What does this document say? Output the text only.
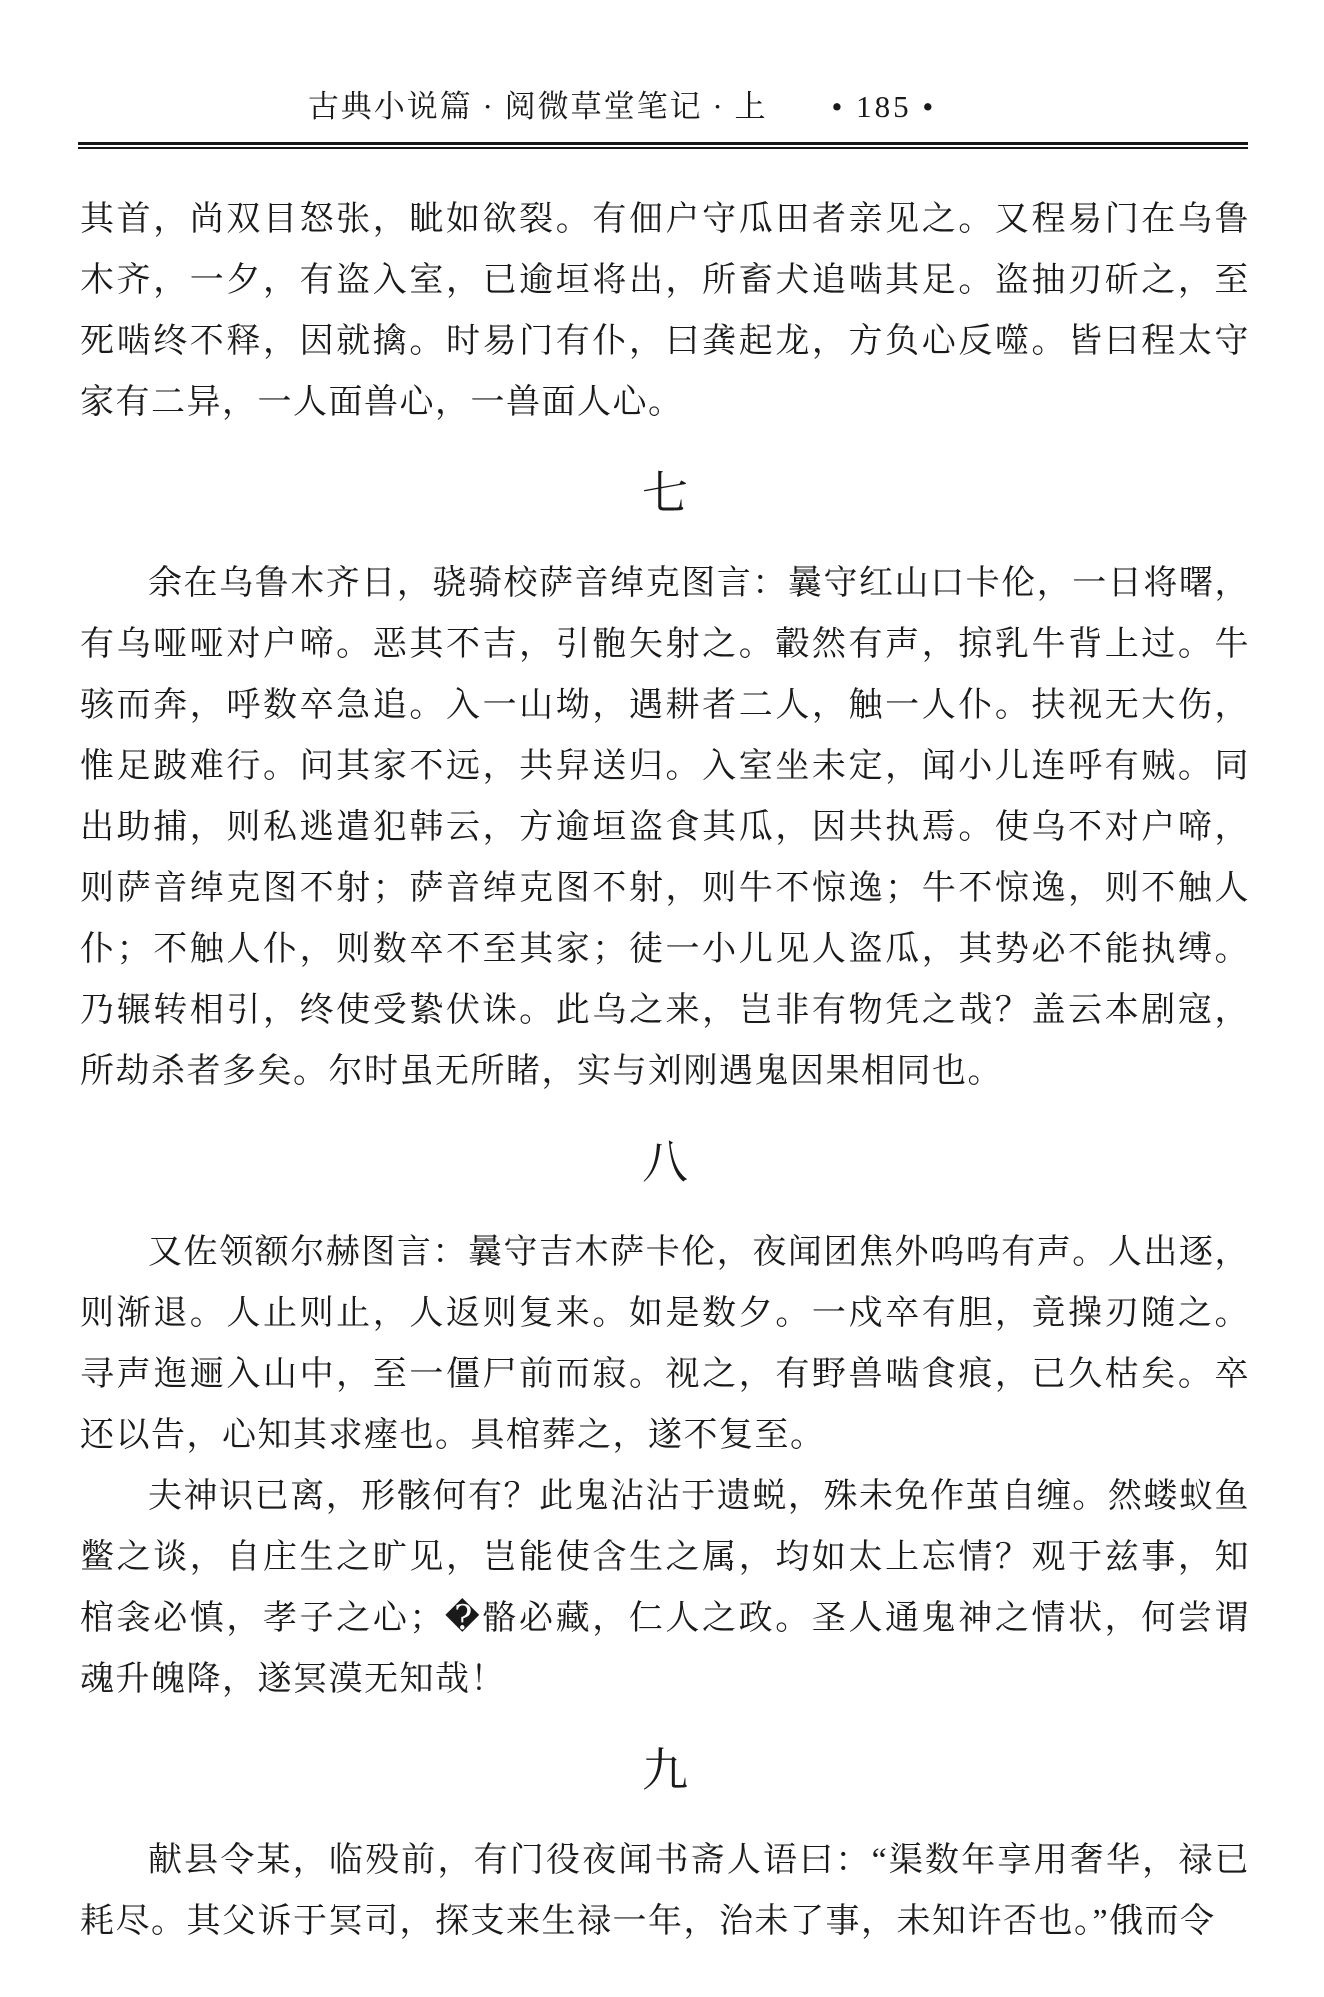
古典小说篇 · 阅微草堂笔记 · 上 • 185 •

其首，尚双目怒张，眦如欲裂。有佃户守瓜田者亲见之。又程易门在乌鲁木齐，一夕，有盗入室，已逾垣将出，所畜犬追啮其足。盗抽刃斫之，至死啮终不释，因就擒。时易门有仆，曰龚起龙，方负心反噬。皆曰程太守家有二异，一人面兽心，一兽面人心。

七

余在乌鲁木齐日，骁骑校萨音绰克图言：曩守红山口卡伦，一日将曙，有乌哑哑对户啼。恶其不吉，引骲矢射之。轂然有声，掠乳牛背上过。牛骇而奔，呼数卒急追。入一山坳，遇耕者二人，触一人仆。扶视无大伤，惟足跛难行。问其家不远，共舁送归。入室坐未定，闻小儿连呼有贼。同出助捕，则私逃遣犯韩云，方逾垣盗食其瓜，因共执焉。使乌不对户啼，则萨音绰克图不射；萨音绰克图不射，则牛不惊逸；牛不惊逸，则不触人仆；不触人仆，则数卒不至其家；徒一小儿见人盗瓜，其势必不能执缚。乃辗转相引，终使受絷伏诛。此乌之来，岂非有物凭之哉？盖云本剧寇，所劫杀者多矣。尔时虽无所睹，实与刘刚遇鬼因果相同也。

八

又佐领额尔赫图言：曩守吉木萨卡伦，夜闻团焦外呜呜有声。人出逐，则渐退。人止则止，人返则复来。如是数夕。一戍卒有胆，竟操刃随之。寻声迤逦入山中，至一僵尸前而寂。视之，有野兽啮食痕，已久枯矣。卒还以告，心知其求瘗也。具棺葬之，遂不复至。

夫神识已离，形骸何有？此鬼沾沾于遗蜕，殊未免作茧自缠。然蝼蚁鱼鳖之谈，自庄生之旷见，岂能使含生之属，均如太上忘情？观于兹事，知棺衾必慎，孝子之心；�骼必藏，仁人之政。圣人通鬼神之情状，何尝谓魂升魄降，遂冥漠无知哉！

九

献县令某，临殁前，有门役夜闻书斋人语曰：“渠数年享用奢华，禄已耗尽。其父诉于冥司，探支来生禄一年，治未了事，未知许否也。”俄而令
